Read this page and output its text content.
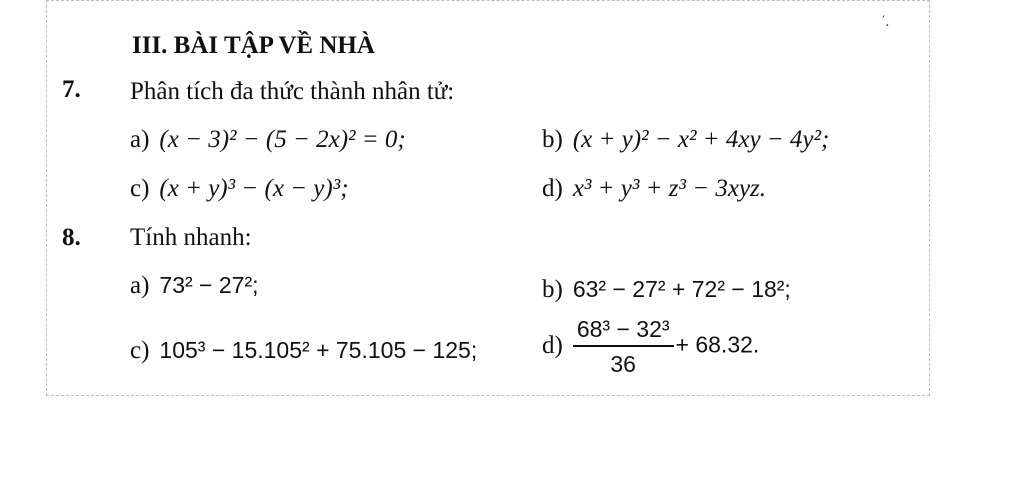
′.
III. BÀI TẬP VỀ NHÀ
7. Phân tích đa thức thành nhân tử:
a) (x − 3)² − (5 − 2x)² = 0;	b) (x + y)² − x² + 4xy − 4y²;
c) (x + y)³ − (x − y)³;	d) x³ + y³ + z³ − 3xyz.
8. Tính nhanh:
a) 73² − 27²;	b) 63² − 27² + 72² − 18²;
c) 105³ − 15.105² + 75.105 − 125;	$d) \frac{\text{68³ − 32³}}{36} + 68.32$.
